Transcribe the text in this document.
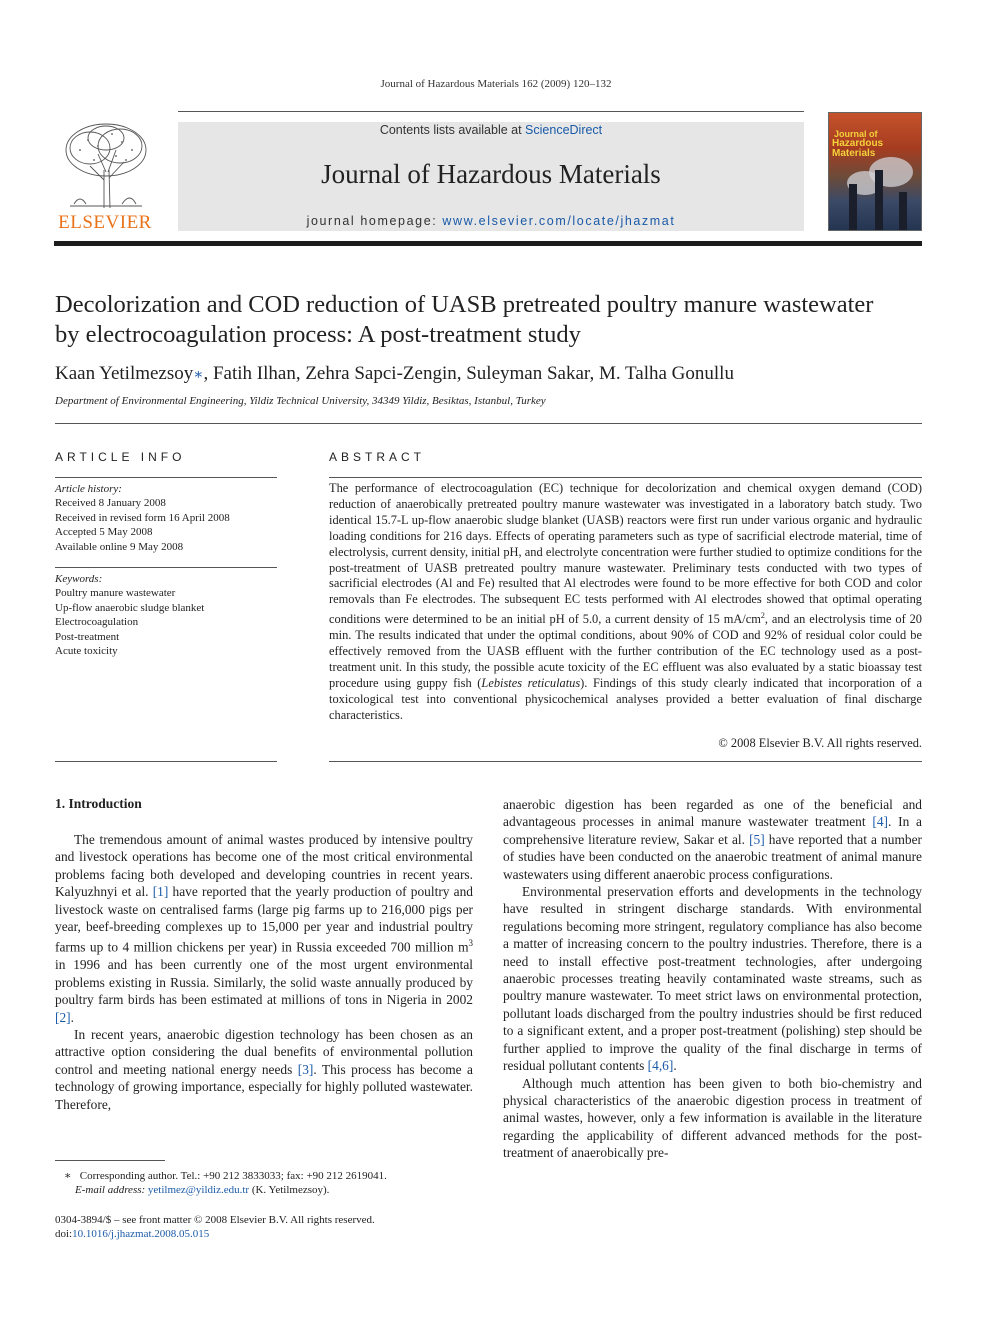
Journal of Hazardous Materials 162 (2009) 120–132
ELSEVIER
Contents lists available at ScienceDirect
Journal of Hazardous Materials
journal homepage: www.elsevier.com/locate/jhazmat
Journal of
Hazardous
Materials
Decolorization and COD reduction of UASB pretreated poultry manure wastewater by electrocoagulation process: A post-treatment study
Kaan Yetilmezsoy∗, Fatih Ilhan, Zehra Sapci-Zengin, Suleyman Sakar, M. Talha Gonullu
Department of Environmental Engineering, Yildiz Technical University, 34349 Yildiz, Besiktas, Istanbul, Turkey
ARTICLE INFO
Article history:
Received 8 January 2008
Received in revised form 16 April 2008
Accepted 5 May 2008
Available online 9 May 2008
Keywords:
Poultry manure wastewater
Up-flow anaerobic sludge blanket
Electrocoagulation
Post-treatment
Acute toxicity
ABSTRACT
The performance of electrocoagulation (EC) technique for decolorization and chemical oxygen demand (COD) reduction of anaerobically pretreated poultry manure wastewater was investigated in a laboratory batch study. Two identical 15.7-L up-flow anaerobic sludge blanket (UASB) reactors were first run under various organic and hydraulic loading conditions for 216 days. Effects of operating parameters such as type of sacrificial electrode material, time of electrolysis, current density, initial pH, and electrolyte concentration were further studied to optimize conditions for the post-treatment of UASB pretreated poultry manure wastewater. Preliminary tests conducted with two types of sacrificial electrodes (Al and Fe) resulted that Al electrodes were found to be more effective for both COD and color removals than Fe electrodes. The subsequent EC tests performed with Al electrodes showed that optimal operating conditions were determined to be an initial pH of 5.0, a current density of 15 $mA/cm^2$, and an electrolysis time of 20 min. The results indicated that under the optimal conditions, about 90% of COD and 92% of residual color could be effectively removed from the UASB effluent with the further contribution of the EC technology used as a post-treatment unit. In this study, the possible acute toxicity of the EC effluent was also evaluated by a static bioassay test procedure using guppy fish (Lebistes reticulatus). Findings of this study clearly indicated that incorporation of a toxicological test into conventional physicochemical analyses provided a better evaluation of final discharge characteristics.
© 2008 Elsevier B.V. All rights reserved.
1. Introduction

The tremendous amount of animal wastes produced by intensive poultry and livestock operations has become one of the most critical environmental problems facing both developed and developing countries in recent years. Kalyuzhnyi et al. [1] have reported that the yearly production of poultry and livestock waste on centralised farms (large pig farms up to 216,000 pigs per year, beef-breeding complexes up to 15,000 per year and industrial poultry farms up to 4 million chickens per year) in Russia exceeded 700 million $m^3$ in 1996 and has been currently one of the most urgent environmental problems existing in Russia. Similarly, the solid waste annually produced by poultry farm birds has been estimated at millions of tons in Nigeria in 2002 [2].

In recent years, anaerobic digestion technology has been chosen as an attractive option considering the dual benefits of environmental pollution control and meeting national energy needs [3]. This process has become a technology of growing importance, especially for highly polluted wastewater. Therefore,

anaerobic digestion has been regarded as one of the beneficial and advantageous processes in animal manure wastewater treatment [4]. In a comprehensive literature review, Sakar et al. [5] have reported that a number of studies have been conducted on the anaerobic treatment of animal manure wastewaters using different anaerobic process configurations.

Environmental preservation efforts and developments in the technology have resulted in stringent discharge standards. With environmental regulations becoming more stringent, regulatory compliance has also become a matter of increasing concern to the poultry industries. Therefore, there is a need to install effective post-treatment technologies, after undergoing anaerobic processes treating heavily contaminated waste streams, such as poultry manure wastewater. To meet strict laws on environmental protection, pollutant loads discharged from the poultry industries should be first reduced to a significant extent, and a proper post-treatment (polishing) step should be further applied to improve the quality of the final discharge in terms of residual pollutant contents [4,6].

Although much attention has been given to both bio-chemistry and physical characteristics of the anaerobic digestion process in treatment of animal wastes, however, only a few information is available in the literature regarding the applicability of different advanced methods for the post-treatment of anaerobically pre-

∗ Corresponding author. Tel.: +90 212 3833033; fax: +90 212 2619041.
E-mail address: yetilmez@yildiz.edu.tr (K. Yetilmezsoy).
0304-3894/$ – see front matter © 2008 Elsevier B.V. All rights reserved.
doi:10.1016/j.jhazmat.2008.05.015
